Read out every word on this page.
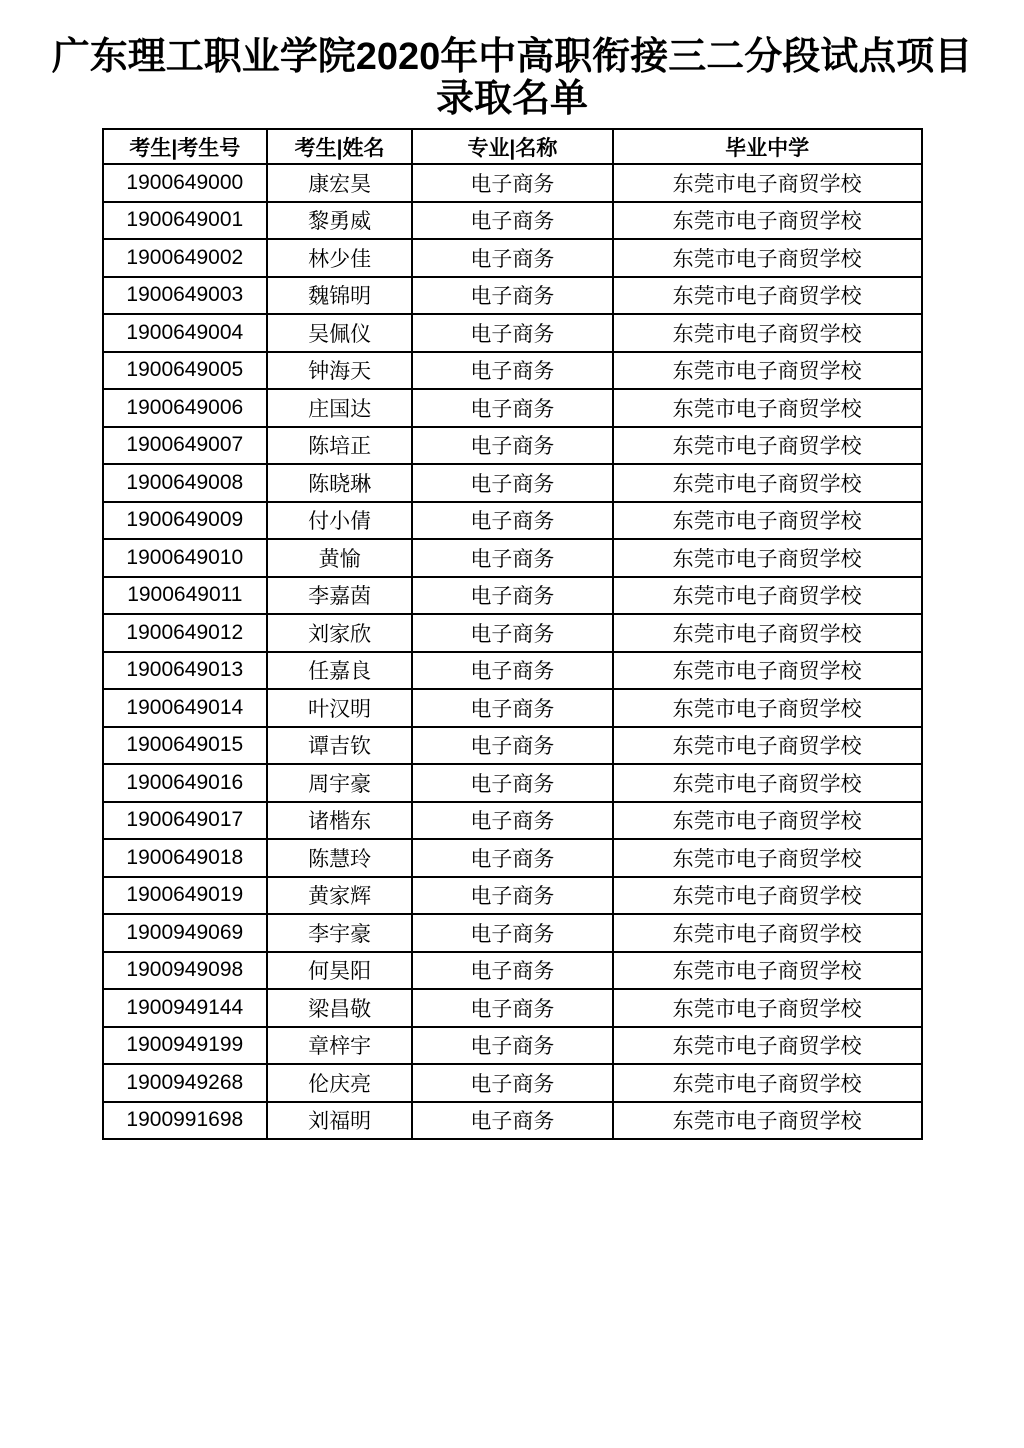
广东理工职业学院2020年中高职衔接三二分段试点项目
录取名单
考生|考生号	考生|姓名	专业|名称	毕业中学
1900649000	康宏昊	电子商务	东莞市电子商贸学校
1900649001	黎勇威	电子商务	东莞市电子商贸学校
1900649002	林少佳	电子商务	东莞市电子商贸学校
1900649003	魏锦明	电子商务	东莞市电子商贸学校
1900649004	吴佩仪	电子商务	东莞市电子商贸学校
1900649005	钟海天	电子商务	东莞市电子商贸学校
1900649006	庄国达	电子商务	东莞市电子商贸学校
1900649007	陈培正	电子商务	东莞市电子商贸学校
1900649008	陈晓琳	电子商务	东莞市电子商贸学校
1900649009	付小倩	电子商务	东莞市电子商贸学校
1900649010	黄愉	电子商务	东莞市电子商贸学校
1900649011	李嘉茵	电子商务	东莞市电子商贸学校
1900649012	刘家欣	电子商务	东莞市电子商贸学校
1900649013	任嘉良	电子商务	东莞市电子商贸学校
1900649014	叶汉明	电子商务	东莞市电子商贸学校
1900649015	谭吉钦	电子商务	东莞市电子商贸学校
1900649016	周宇豪	电子商务	东莞市电子商贸学校
1900649017	诸楷东	电子商务	东莞市电子商贸学校
1900649018	陈慧玲	电子商务	东莞市电子商贸学校
1900649019	黄家辉	电子商务	东莞市电子商贸学校
1900949069	李宇豪	电子商务	东莞市电子商贸学校
1900949098	何昊阳	电子商务	东莞市电子商贸学校
1900949144	梁昌敬	电子商务	东莞市电子商贸学校
1900949199	章梓宇	电子商务	东莞市电子商贸学校
1900949268	伦庆亮	电子商务	东莞市电子商贸学校
1900991698	刘福明	电子商务	东莞市电子商贸学校
